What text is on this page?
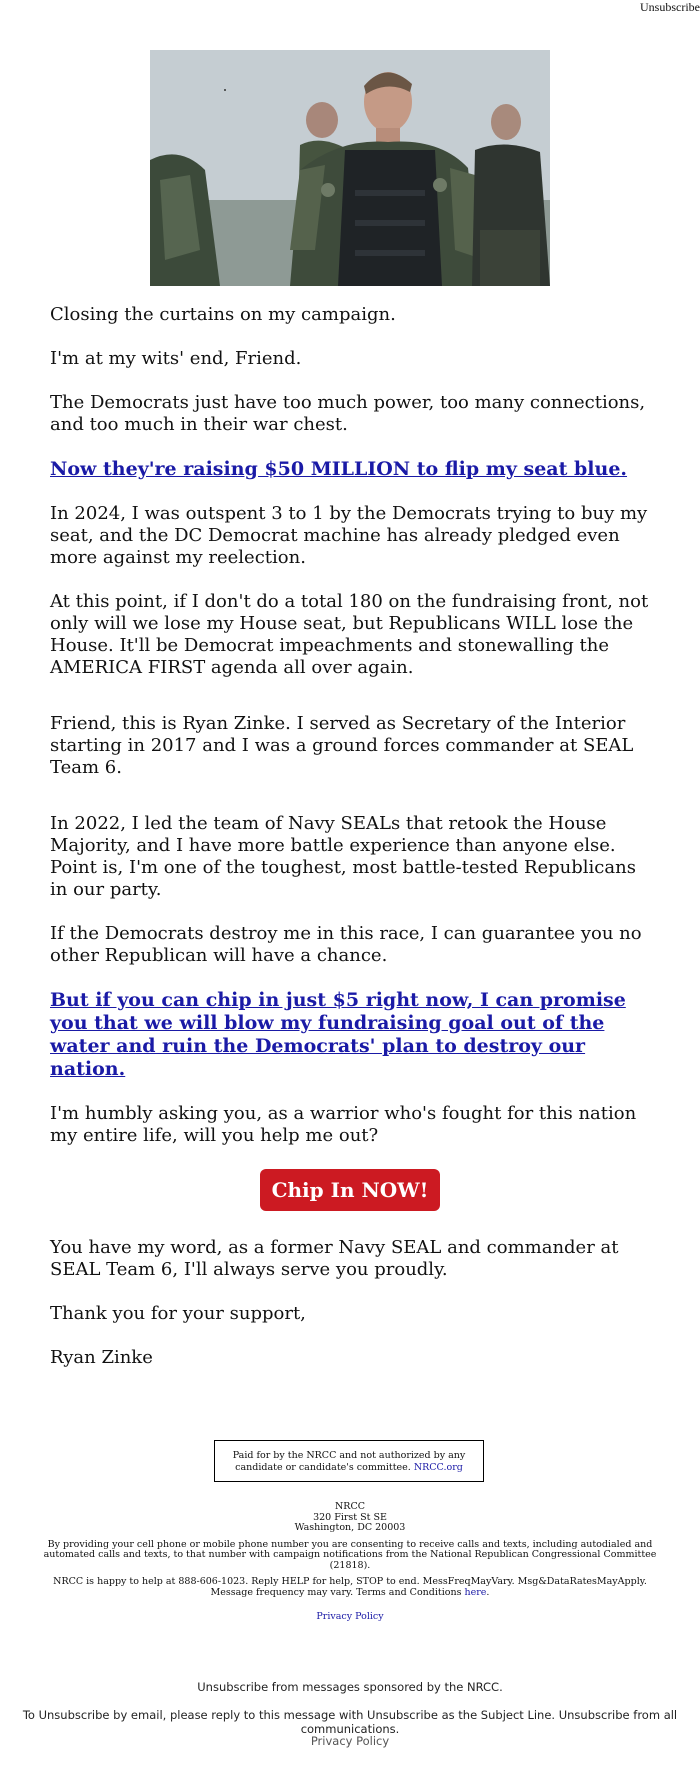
Unsubscribe

Closing the curtains on my campaign.

I'm at my wits' end, Friend.

The Democrats just have too much power, too many connections, and too much in their war chest.

Now they're raising $50 MILLION to flip my seat blue.

In 2024, I was outspent 3 to 1 by the Democrats trying to buy my seat, and the DC Democrat machine has already pledged even more against my reelection.

At this point, if I don't do a total 180 on the fundraising front, not only will we lose my House seat, but Republicans WILL lose the House. It'll be Democrat impeachments and stonewalling the AMERICA FIRST agenda all over again.

Friend, this is Ryan Zinke. I served as Secretary of the Interior starting in 2017 and I was a ground forces commander at SEAL Team 6.

In 2022, I led the team of Navy SEALs that retook the House Majority, and I have more battle experience than anyone else. Point is, I'm one of the toughest, most battle-tested Republicans in our party.

If the Democrats destroy me in this race, I can guarantee you no other Republican will have a chance.

But if you can chip in just $5 right now, I can promise you that we will blow my fundraising goal out of the water and ruin the Democrats' plan to destroy our nation.

I'm humbly asking you, as a warrior who's fought for this nation my entire life, will you help me out?

Chip In NOW!

You have my word, as a former Navy SEAL and commander at SEAL Team 6, I'll always serve you proudly.

Thank you for your support,

Ryan Zinke

Paid for by the NRCC and not authorized by any candidate or candidate's committee. NRCC.org

NRCC
320 First St SE
Washington, DC 20003

By providing your cell phone or mobile phone number you are consenting to receive calls and texts, including autodialed and automated calls and texts, to that number with campaign notifications from the National Republican Congressional Committee (21818).

NRCC is happy to help at 888-606-1023. Reply HELP for help, STOP to end. MessFreqMayVary. Msg&DataRatesMayApply. Message frequency may vary. Terms and Conditions here.

Privacy Policy

Unsubscribe from messages sponsored by the NRCC.
To Unsubscribe by email, please reply to this message with Unsubscribe as the Subject Line. Unsubscribe from all communications.
Privacy Policy
